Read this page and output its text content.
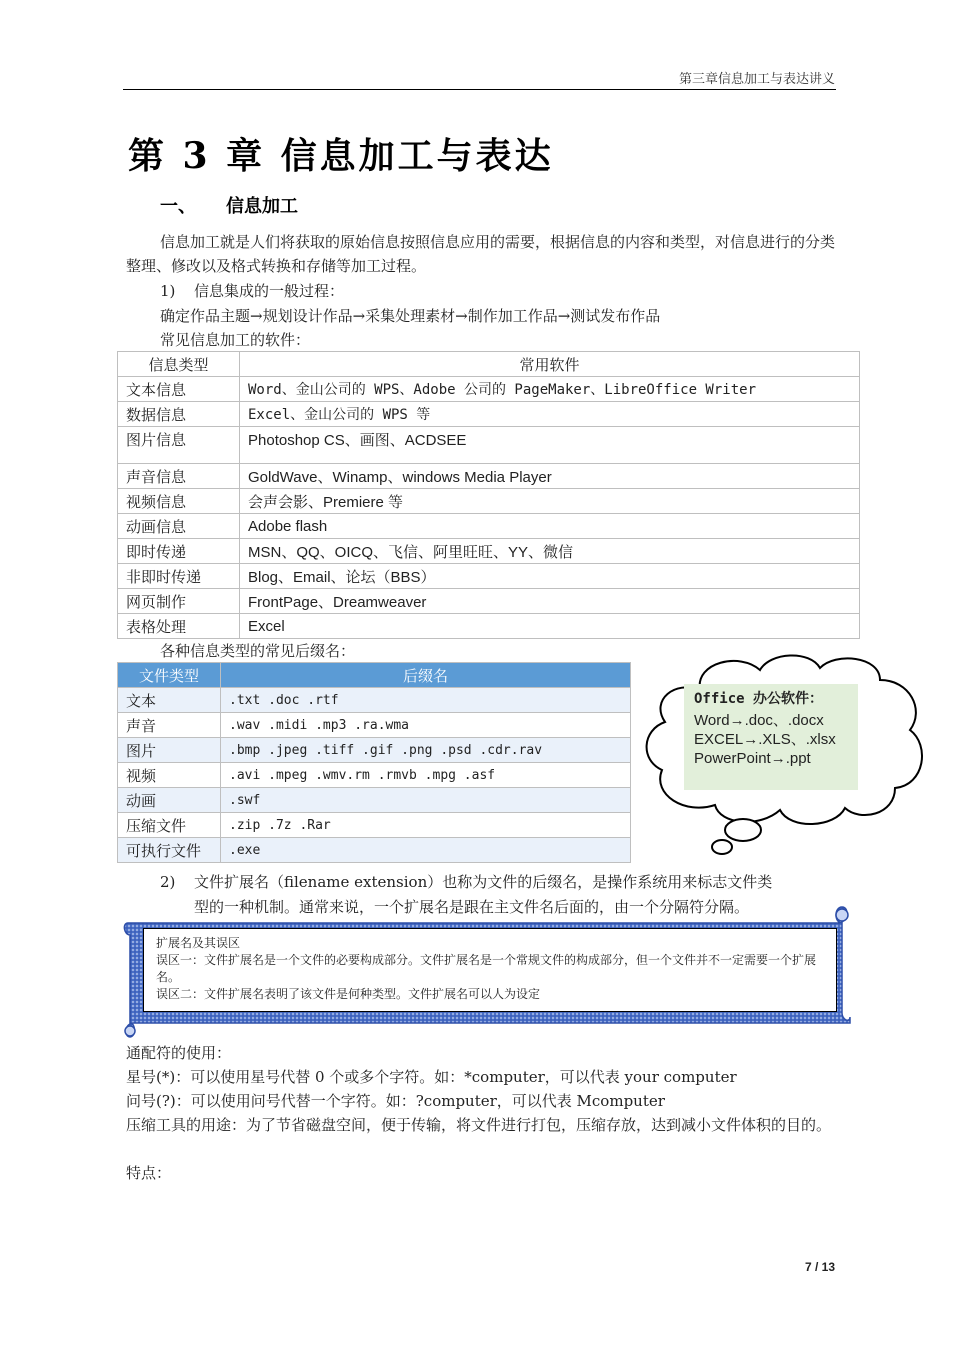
第三章信息加工与表达讲义
第 3 章 信息加工与表达
一、 信息加工
信息加工就是人们将获取的原始信息按照信息应用的需要，根据信息的内容和类型，对信息进行的分类整理、修改以及格式转换和存储等加工过程。
1) 信息集成的一般过程：
确定作品主题→规划设计作品→采集处理素材→制作加工作品→测试发布作品
常见信息加工的软件：
信息类型	常用软件
文本信息	Word、金山公司的 WPS、Adobe 公司的 PageMaker、LibreOffice Writer
数据信息	Excel、金山公司的 WPS 等
图片信息	Photoshop CS、画图、ACDSEE
声音信息	GoldWave、Winamp、windows Media Player
视频信息	会声会影、Premiere 等
动画信息	Adobe flash
即时传递	MSN、QQ、OICQ、飞信、阿里旺旺、YY、微信
非即时传递	Blog、Email、论坛（BBS）
网页制作	FrontPage、Dreamweaver
表格处理	Excel
各种信息类型的常见后缀名：
文件类型	后缀名
文本	.txt .doc .rtf
声音	.wav .midi .mp3 .ra.wma
图片	.bmp .jpeg .tiff .gif .png .psd .cdr.rav
视频	.avi .mpeg .wmv.rm .rmvb .mpg .asf
动画	.swf
压缩文件	.zip .7z .Rar
可执行文件	.exe
Office 办公软件：
Word→.doc、.docx
EXCEL→.XLS、.xlsx
PowerPoint→.ppt
2) 文件扩展名（filename extension）也称为文件的后缀名，是操作系统用来标志文件类
型的一种机制。通常来说，一个扩展名是跟在主文件名后面的，由一个分隔符分隔。
扩展名及其误区
误区一：文件扩展名是一个文件的必要构成部分。文件扩展名是一个常规文件的构成部分，但一个文件并不一定需要一个扩展名。
误区二：文件扩展名表明了该文件是何种类型。文件扩展名可以人为设定
通配符的使用：
星号(*)：可以使用星号代替 0 个或多个字符。如：*computer，可以代表 your computer
问号(?)：可以使用问号代替一个字符。如：?computer，可以代表 Mcomputer
压缩工具的用途：为了节省磁盘空间，便于传输，将文件进行打包，压缩存放，达到减小文件体积的目的。
特点：
7 / 13
